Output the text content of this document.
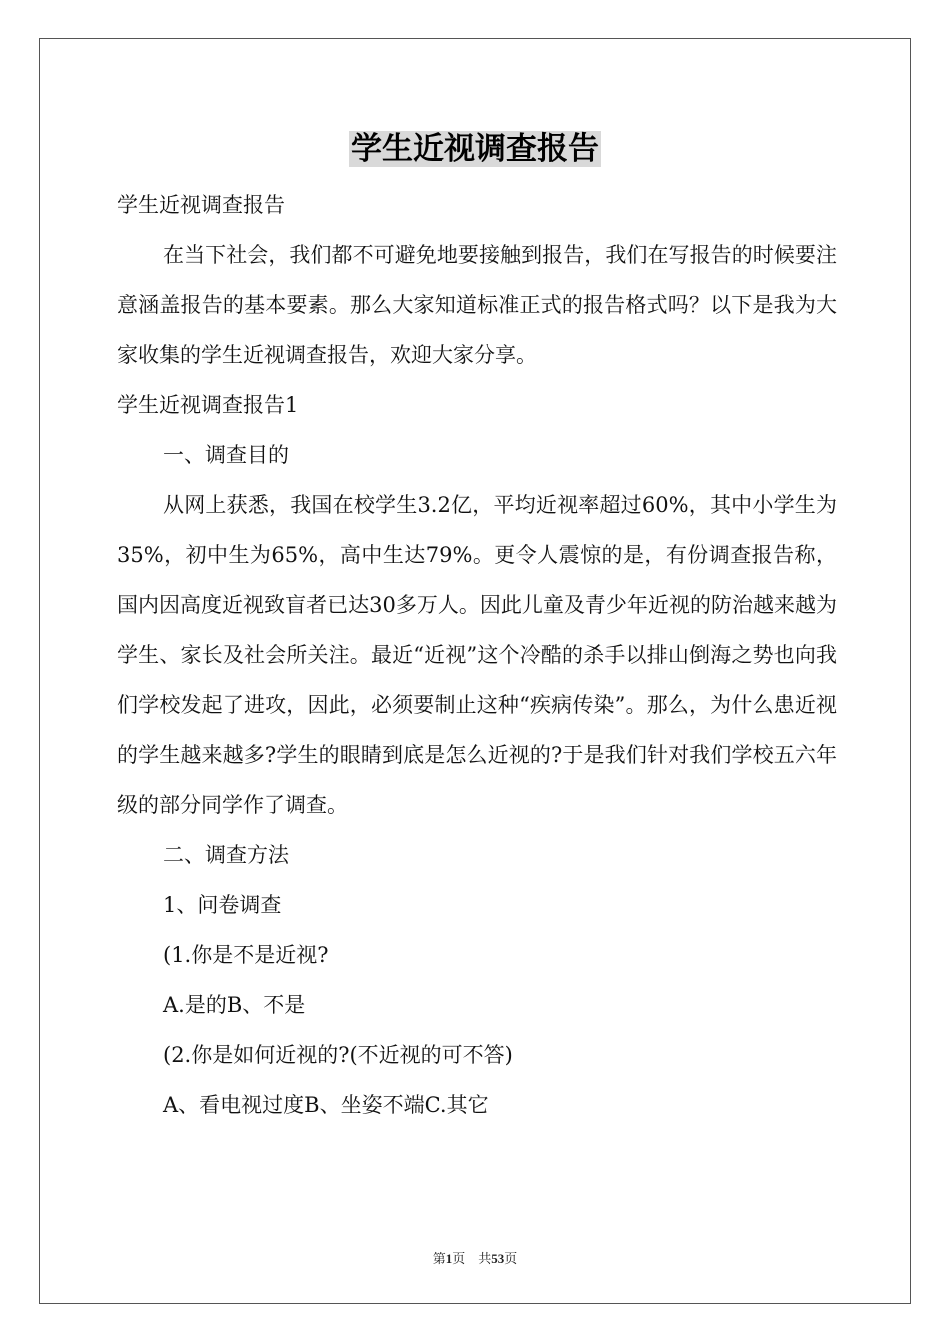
学生近视调查报告

学生近视调查报告

在当下社会，我们都不可避免地要接触到报告，我们在写报告的时候要注意涵盖报告的基本要素。那么大家知道标准正式的报告格式吗？以下是我为大家收集的学生近视调查报告，欢迎大家分享。

学生近视调查报告1

一、调查目的

从网上获悉，我国在校学生3.2亿，平均近视率超过60%，其中小学生为35%，初中生为65%，高中生达79%。更令人震惊的是，有份调查报告称，国内因高度近视致盲者已达30多万人。因此儿童及青少年近视的防治越来越为学生、家长及社会所关注。最近“近视”这个冷酷的杀手以排山倒海之势也向我们学校发起了进攻，因此，必须要制止这种“疾病传染”。那么，为什么患近视的学生越来越多?学生的眼睛到底是怎么近视的?于是我们针对我们学校五六年级的部分同学作了调查。

二、调查方法

1、问卷调查

(1.你是不是近视?

A.是的B、不是

(2.你是如何近视的?(不近视的可不答)

A、看电视过度B、坐姿不端C.其它

第1页　共53页
